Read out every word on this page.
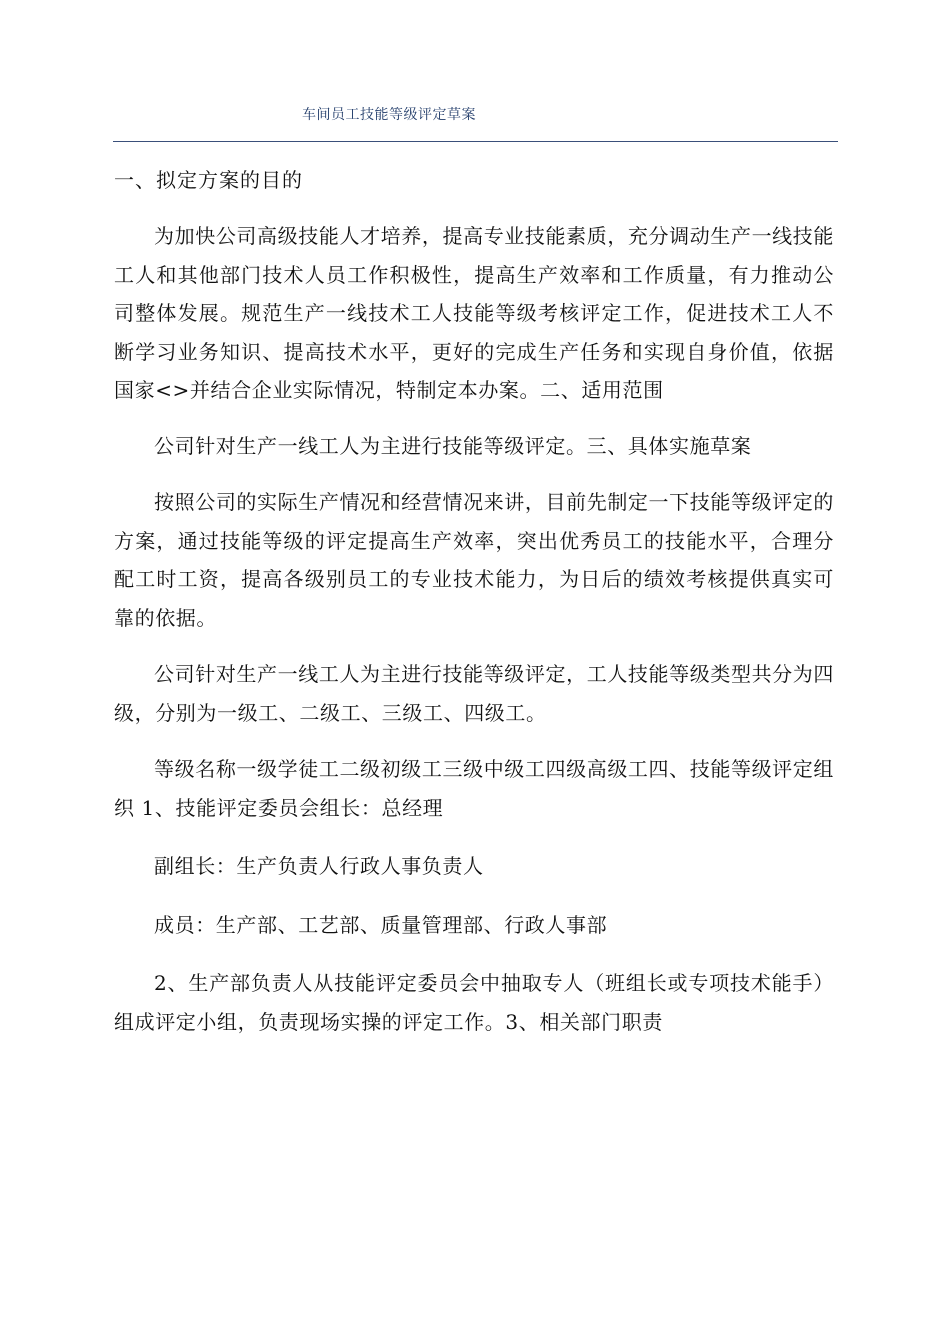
车间员工技能等级评定草案
一、拟定方案的目的

为加快公司高级技能人才培养，提高专业技能素质，充分调动生产一线技能工人和其他部门技术人员工作积极性，提高生产效率和工作质量，有力推动公司整体发展。规范生产一线技术工人技能等级考核评定工作，促进技术工人不断学习业务知识、提高技术水平，更好的完成生产任务和实现自身价值，依据国家<>并结合企业实际情况，特制定本办案。二、适用范围

公司针对生产一线工人为主进行技能等级评定。三、具体实施草案

按照公司的实际生产情况和经营情况来讲，目前先制定一下技能等级评定的方案，通过技能等级的评定提高生产效率，突出优秀员工的技能水平，合理分配工时工资，提高各级别员工的专业技术能力，为日后的绩效考核提供真实可靠的依据。

公司针对生产一线工人为主进行技能等级评定，工人技能等级类型共分为四级，分别为一级工、二级工、三级工、四级工。

等级名称一级学徒工二级初级工三级中级工四级高级工四、技能等级评定组织 1、技能评定委员会组长：总经理

副组长：生产负责人行政人事负责人

成员：生产部、工艺部、质量管理部、行政人事部

2、生产部负责人从技能评定委员会中抽取专人（班组长或专项技术能手）组成评定小组，负责现场实操的评定工作。3、相关部门职责
